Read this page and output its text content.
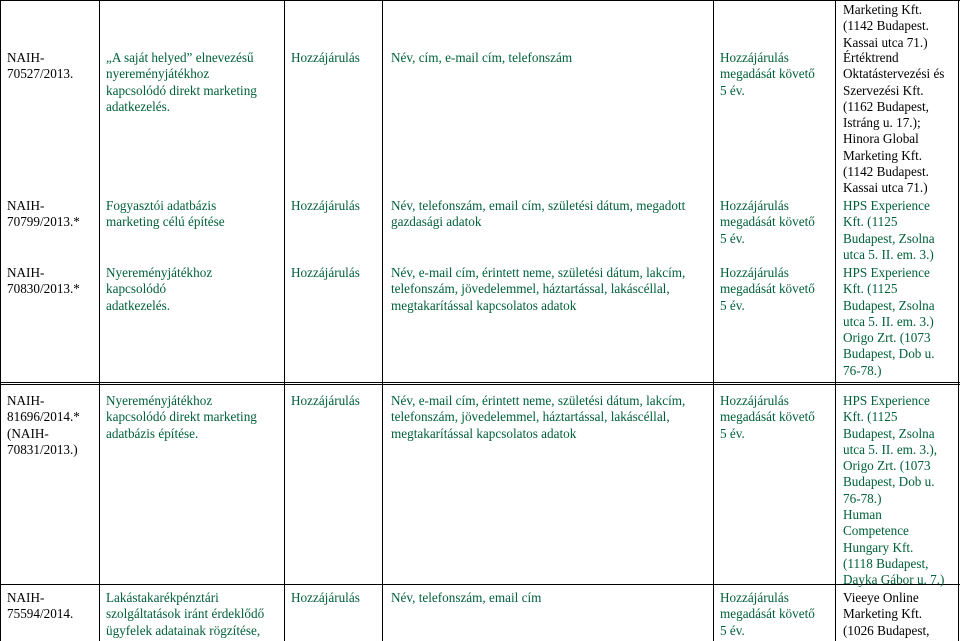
NAIH-
70527/2013.
„A saját helyed” elnevezésű
nyereményjátékhoz
kapcsolódó direkt marketing
adatkezelés.
Hozzájárulás Név, cím, e-mail cím, telefonszám	Hozzájárulás
megadását követő
5 év.
Marketing Kft.
(1142 Budapest.
Kassai utca 71.)
Értéktrend
Oktatástervezési és
Szervezési Kft.
(1162 Budapest,
Istráng u. 17.);
Hinora Global
Marketing Kft.
(1142 Budapest.
Kassai utca 71.)
NAIH-
70799/2013.*
Fogyasztói adatbázis
marketing célú építése
Hozzájárulás Név, telefonszám, email cím, születési dátum, megadott
gazdasági adatok
Hozzájárulás
megadását követő
5 év.
HPS Experience
Kft. (1125
Budapest, Zsolna
utca 5. II. em. 3.)
NAIH-
70830/2013.*
Nyereményjátékhoz
kapcsolódó
adatkezelés.
Hozzájárulás Név, e-mail cím, érintett neme, születési dátum, lakcím,
telefonszám, jövedelemmel, háztartással, lakáscéllal,
megtakarítással kapcsolatos adatok
Hozzájárulás
megadását követő
5 év.
HPS Experience
Kft. (1125
Budapest, Zsolna
utca 5. II. em. 3.)
Origo Zrt. (1073
Budapest, Dob u.
76-78.)
NAIH-
81696/2014.*
(NAIH-
70831/2013.)
Nyereményjátékhoz
kapcsolódó direkt marketing
adatbázis építése.
Hozzájárulás Név, e-mail cím, érintett neme, születési dátum, lakcím,
telefonszám, jövedelemmel, háztartással, lakáscéllal,
megtakarítással kapcsolatos adatok
Hozzájárulás
megadását követő
5 év.
HPS Experience
Kft. (1125
Budapest, Zsolna
utca 5. II. em. 3.),
Origo Zrt. (1073
Budapest, Dob u.
76-78.)
Human
Competence
Hungary Kft.
(1118 Budapest,
Dayka Gábor u. 7.)
NAIH-
75594/2014.
Lakástakarékpénztári
szolgáltatások iránt érdeklődő
ügyfelek adatainak rögzítése,
Hozzájárulás Név, telefonszám, email cím	Hozzájárulás
megadását követő
5 év.
Vieeye Online
Marketing Kft.
(1026 Budapest,
